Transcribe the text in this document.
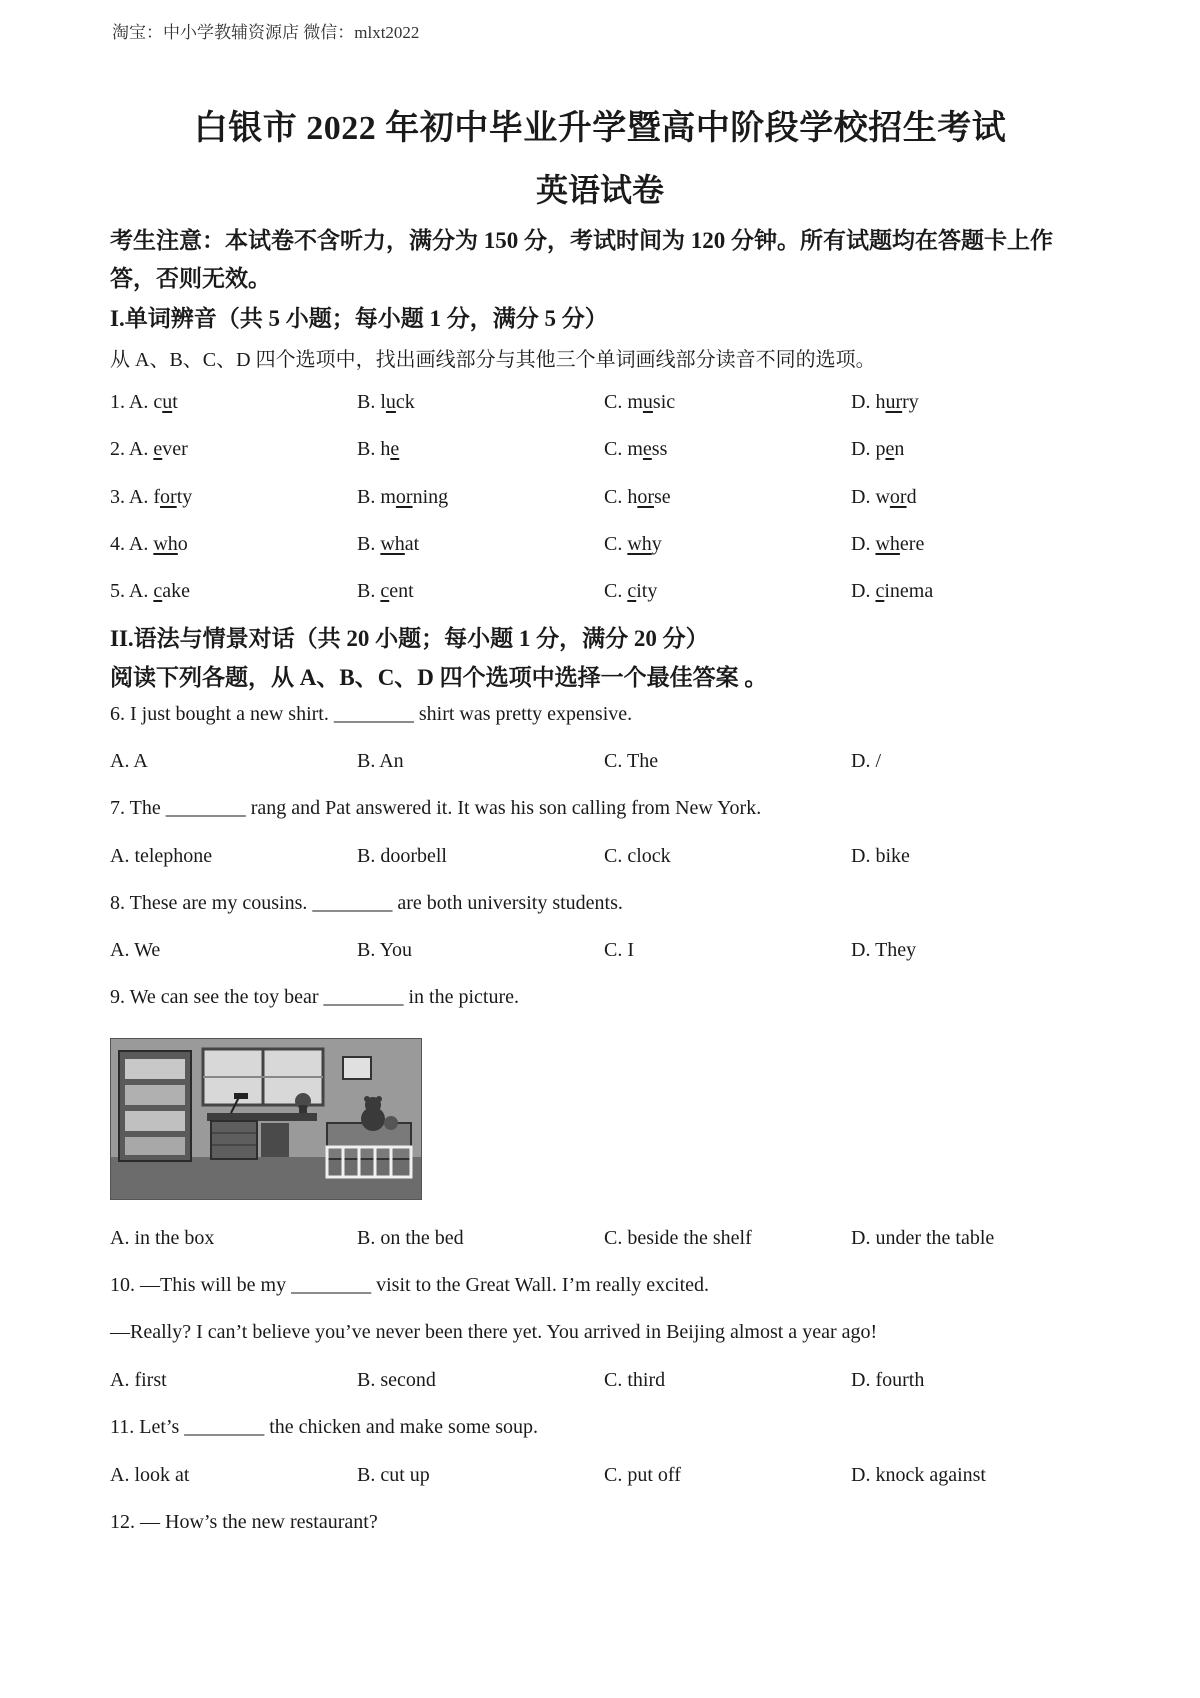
淘宝：中小学教辅资源店 微信：mlxt2022
白银市 2022 年初中毕业升学暨高中阶段学校招生考试
英语试卷
考生注意：本试卷不含听力，满分为 150 分，考试时间为 120 分钟。所有试题均在答题卡上作
答，否则无效。
I.单词辨音（共 5 小题；每小题 1 分，满分 5 分）
从 A、B、C、D 四个选项中，找出画线部分与其他三个单词画线部分读音不同的选项。
1. A. cut	B. luck	C. music	D. hurry
2. A. ever	B. he	C. mess	D. pen
3. A. forty	B. morning	C. horse	D. word
4. A. who	B. what	C. why	D. where
5. A. cake	B. cent	C. city	D. cinema
II.语法与情景对话（共 20 小题；每小题 1 分，满分 20 分）
阅读下列各题，从 A、B、C、D 四个选项中选择一个最佳答案 。
6. I just bought a new shirt. ________ shirt was pretty expensive.
A. A	B. An	C. The	D. /
7. The ________ rang and Pat answered it. It was his son calling from New York.
A. telephone	B. doorbell	C. clock	D. bike
8. These are my cousins. ________ are both university students.
A. We	B. You	C. I	D. They
9. We can see the toy bear ________ in the picture.
A. in the box	B. on the bed	C. beside the shelf	D. under the table
10. —This will be my ________ visit to the Great Wall. I’m really excited.
—Really? I can’t believe you’ve never been there yet. You arrived in Beijing almost a year ago!
A. first	B. second	C. third	D. fourth
11. Let’s ________ the chicken and make some soup.
A. look at	B. cut up	C. put off	D. knock against
12. — How’s the new restaurant?
